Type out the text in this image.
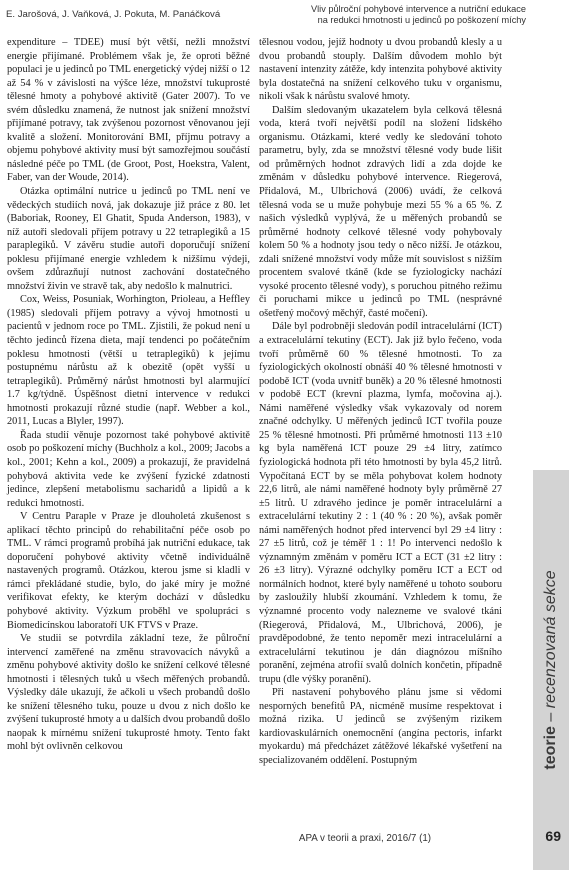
E. Jarošová, J. Vaňková, J. Pokuta, M. Panáčková	Vliv půlroční pohybové intervence a nutriční edukace
na redukci hmotnosti u jedinců po poškození míchy

expenditure – TDEE) musí být větší, nežli množství energie přijímané. Problémem však je, že oproti běžné populaci je u jedinců po TML energetický výdej nižší o 12 až 54 % v závislosti na výšce léze, množství tukuprosté tělesné hmoty a pohybové aktivitě (Gater 2007). To ve svém důsledku znamená, že nutnost jak snížení množství přijímané potravy, tak zvýšenou pozornost věnovanou její kvalitě a složení. Monitorování BMI, příjmu potravy a objemu pohybové aktivity musí být samozřejmou součástí následné péče po TML (de Groot, Post, Hoekstra, Valent, Faber, van der Woude, 2014).

Otázka optimální nutrice u jedinců po TML není ve vědeckých studiích nová, jak dokazuje již práce z 80. let (Baboriak, Rooney, El Ghatit, Spuda Anderson, 1983), v níž autoři sledovali příjem potravy u 22 tetraplegiků a 15 paraplegiků. V závěru studie autoři doporučují snížení poklesu přijímané energie vzhledem k nižšímu výdeji, ovšem zdůrazňují nutnost zachování dostatečného množství živin ve stravě tak, aby nedošlo k malnutrici.

Cox, Weiss, Posuniak, Worhington, Prioleau, a Heffley (1985) sledovali příjem potravy a vývoj hmotnosti u pacientů v jednom roce po TML. Zjistili, že pokud není u těchto jedinců řízena dieta, mají tendenci po počátečním poklesu hmotnosti (větší u tetraplegiků) k jejímu postupnému nárůstu až k obezitě (opět vyšší u tetraplegiků). Průměrný nárůst hmotnosti byl alarmující 1.7 kg/týdně. Úspěšnost dietní intervence v redukci hmotnosti prokazují různé studie (např. Webber a kol., 2011, Lucas a Blyler, 1997).

Řada studií věnuje pozornost také pohybové aktivitě osob po poškození míchy (Buchholz a kol., 2009; Jacobs a kol., 2001; Kehn a kol., 2009) a prokazují, že pravidelná pohybová aktivita vede ke zvýšení fyzické zdatnosti jedince, zlepšení metabolismu sacharidů a lipidů a k redukci hmotnosti.

V Centru Paraple v Praze je dlouholetá zkušenost s aplikací těchto principů do rehabilitační péče osob po TML. V rámci programů probíhá jak nutriční edukace, tak doporučení pohybové aktivity včetně individuálně nastavených programů. Otázkou, kterou jsme si kladli v rámci překládané studie, bylo, do jaké míry je možné verifikovat efekty, ke kterým dochází v důsledku pohybové aktivity. Výzkum proběhl ve spolupráci s Biomedicínskou laboratoří UK FTVS v Praze.

Ve studii se potvrdila základní teze, že půlroční intervencí zaměřené na změnu stravovacích návyků a změnu pohybové aktivity došlo ke snížení celkové tělesné hmotnosti i tělesných tuků u všech měřených probandů. Výsledky dále ukazují, že ačkoli u všech probandů došlo ke snížení tělesného tuku, pouze u dvou z nich došlo ke zvýšení tukuprosté hmoty a u dalších dvou probandů došlo naopak k mírnému snížení tukuprosté hmoty. Tento fakt mohl být ovlivněn celkovou

tělesnou vodou, jejíž hodnoty u dvou probandů klesly a u dvou probandů stouply. Dalším důvodem mohlo být nastavení intenzity zátěže, kdy intenzita pohybové aktivity byla dostatečná na snížení celkového tuku v organismu, nikoli však k nárůstu svalové hmoty.

Dalším sledovaným ukazatelem byla celková tělesná voda, která tvoří největší podíl na složení lidského organismu. Otázkami, které vedly ke sledování tohoto parametru, byly, zda se množství tělesné vody bude lišit od průměrných hodnot zdravých lidí a zda dojde ke změnám v důsledku pohybové intervence. Riegerová, Přidalová, M., Ulbrichová (2006) uvádí, že celková tělesná voda se u muže pohybuje mezi 55 % a 65 %. Z našich výsledků vyplývá, že u měřených probandů se průměrné hodnoty celkové tělesné vody pohybovaly kolem 50 % a hodnoty jsou tedy o něco nižší. Je otázkou, zdali snížené množství vody může mít souvislost s nižším procentem svalové tkáně (kde se fyziologicky nachází vysoké procento tělesné vody), s poruchou pitného režimu či poruchami mikce u jedinců po TML (nesprávné ošetřený močový měchýř, časté močení).

Dále byl podrobněji sledován podíl intracelulární (ICT) a extracelulární tekutiny (ECT). Jak již bylo řečeno, voda tvoří průměrně 60 % tělesné hmotnosti. To za fyziologických okolností obnáší 40 % tělesné hmotnosti v podobě ICT (voda uvnitř buněk) a 20 % tělesné hmotnosti v podobě ECT (krevní plazma, lymfa, močovina aj.). Námi naměřené výsledky však vykazovaly od norem značné odchylky. U měřených jedinců ICT tvořila pouze 25 % tělesné hmotnosti. Při průměrné hmotnosti 113 ±10 kg byla naměřená ICT pouze 29 ±4 litry, zatímco fyziologická hodnota při této hmotnosti by byla 45,2 litrů. Vypočítaná ECT by se měla pohybovat kolem hodnoty 22,6 litrů, ale námi naměřené hodnoty byly průměrně 27 ±5 litrů. U zdravého jedince je poměr intracelulární a extracelulární tekutiny 2 : 1 (40 % : 20 %), avšak poměr námi naměřených hodnot před intervencí byl 29 ±4 litry : 27 ±5 litrů, což je téměř 1 : 1! Po intervenci nedošlo k významným změnám v poměru ICT a ECT (31 ±2 litry : 26 ±3 litry). Výrazné odchylky poměru ICT a ECT od normálních hodnot, které byly naměřené u tohoto souboru by zasloužily hlubší zkoumání. Vzhledem k tomu, že významné procento vody nalezneme ve svalové tkáni (Riegerová, Přidalová, M., Ulbrichová, 2006), je pravděpodobné, že tento nepoměr mezi intracelulární a extracelulární tekutinou je dán diagnózou míšního poranění, zejména atrofií svalů dolních končetin, případně trupu (dle výšky poranění).

Při nastavení pohybového plánu jsme si vědomi nesporných benefitů PA, nicméně musíme respektovat i možná rizika. U jedinců se zvýšeným rizikem kardiovaskulárních onemocnění (angína pectoris, infarkt myokardu) má předcházet zátěžové lékařské vyšetření na specializovaném oddělení. Postupným	teorie – recenzovaná sekce
APA v teorii a praxi, 2016/7 (1)	69
